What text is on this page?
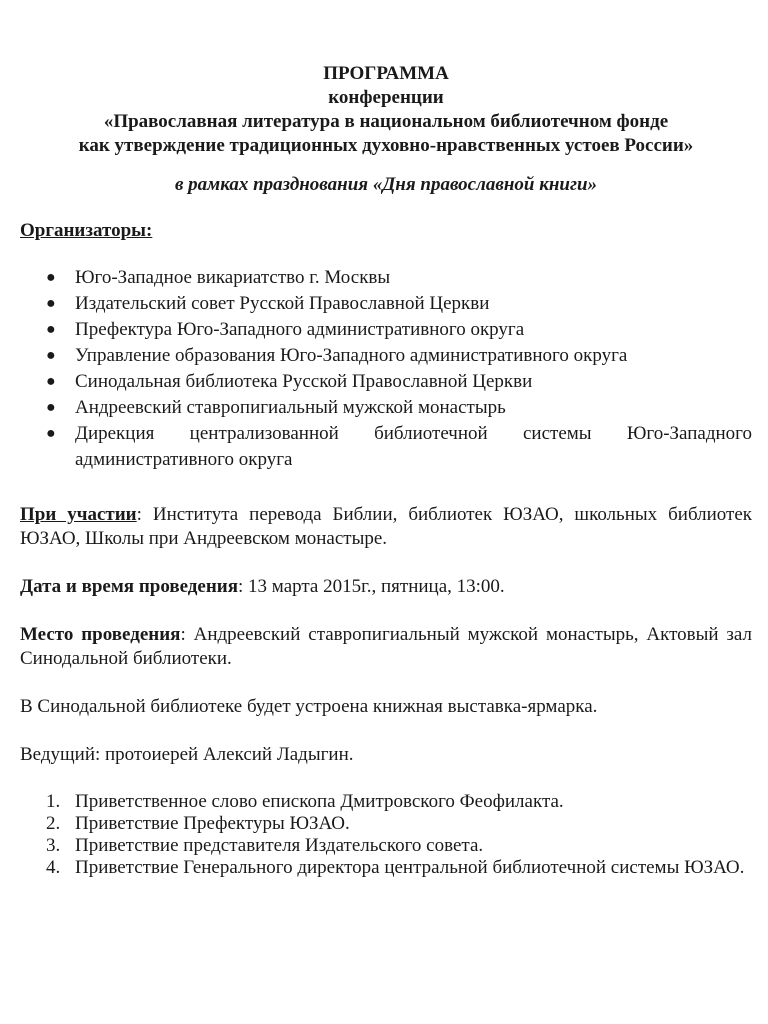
ПРОГРАММА
конференции
«Православная литература в национальном библиотечном фонде
как утверждение традиционных духовно-нравственных устоев России»
в рамках празднования «Дня православной книги»
Организаторы:
● Юго-Западное викариатство г. Москвы
● Издательский совет Русской Православной Церкви
● Префектура Юго-Западного административного округа
● Управление образования Юго-Западного административного округа
● Синодальная библиотека Русской Православной Церкви
● Андреевский ставропигиальный мужской монастырь
● Дирекция централизованной библиотечной системы Юго-Западного административного округа

При участии: Института перевода Библии, библиотек ЮЗАО, школьных библиотек ЮЗАО, Школы при Андреевском монастыре.

Дата и время проведения: 13 марта 2015г., пятница, 13:00.

Место проведения: Андреевский ставропигиальный мужской монастырь, Актовый зал Синодальной библиотеки.

В Синодальной библиотеке будет устроена книжная выставка-ярмарка.

Ведущий: протоиерей Алексий Ладыгин.

1. Приветственное слово епископа Дмитровского Феофилакта.
2. Приветствие Префектуры ЮЗАО.
3. Приветствие представителя Издательского совета.
4. Приветствие Генерального директора центральной библиотечной системы ЮЗАО.
